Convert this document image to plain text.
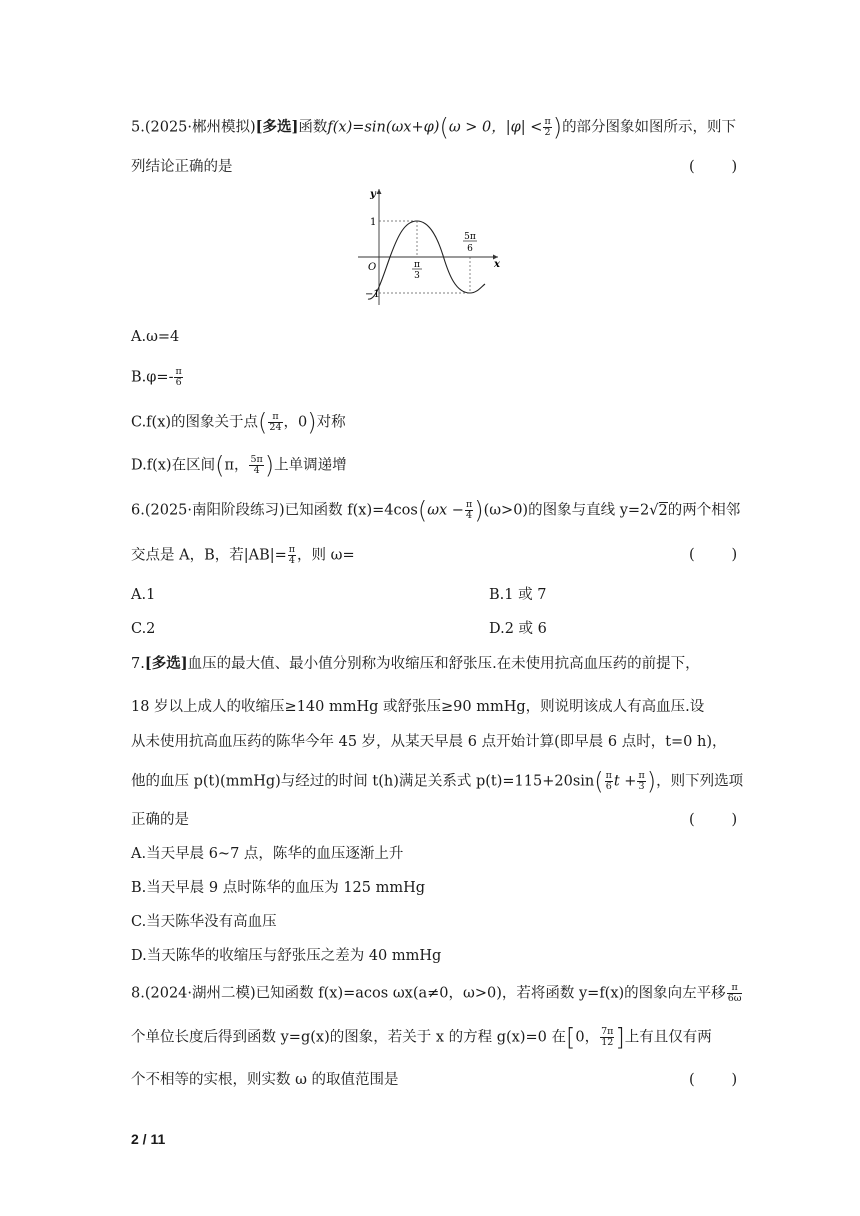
5.(2025·郴州模拟)[多选]函数f(x)=sin(ωx+φ)(ω > 0，$|\varphi| < \frac{\pi}{2}$ )的部分图象如图所示，则下
列结论正确的是	(        )
y
x
O
1
−1
π
3
5π
6
A.ω=4
$B.\varphi=- \frac{\pi}{6}$
C.f(x)的图象关于点( $\frac{\pi}{24}$ ，0)对称
D.f(x)在区间(π， $\frac{5\pi}{4}$ )上单调递增
6.(2025·南阳阶段练习)已知函数 $f(x)=4\cos(\omega x - \frac{\pi}{4} )(\omega>0)$的图象与直线 y=2√2的两个相邻
交点是 A，B，若$|AB|= \frac{\pi}{4}$ ，则 ω=	(        )
A.1	B.1 或 7
C.2	D.2 或 6
7.[多选]血压的最大值、最小值分别称为收缩压和舒张压.在未使用抗高血压药的前提下，
18 岁以上成人的收缩压≥140 mmHg 或舒张压≥90 mmHg，则说明该成人有高血压.设
从未使用抗高血压药的陈华今年 45 岁，从某天早晨 6 点开始计算(即早晨 6 点时，t=0 h)，
他的血压 p(t)(mmHg)与经过的时间 t(h)满足关系式 $p(t)=115+20\sin( \frac{\pi}{6}$ $t + \frac{\pi}{3}$ )，则下列选项
正确的是	(        )
A.当天早晨 6~7 点，陈华的血压逐渐上升
B.当天早晨 9 点时陈华的血压为 125 mmHg
C.当天陈华没有高血压
D.当天陈华的收缩压与舒张压之差为 40 mmHg
8.(2024·湖州二模)已知函数 f(x)=acos ωx(a≠0，ω>0)，若将函数 y=f(x)的图象向左平移 $\frac{\pi}{6\omega}$
个单位长度后得到函数 y=g(x)的图象，若关于 x 的方程 g(x)=0 在[0， $\frac{7\pi}{12}$ ]上有且仅有两
个不相等的实根，则实数 ω 的取值范围是	(        )
2 / 11
